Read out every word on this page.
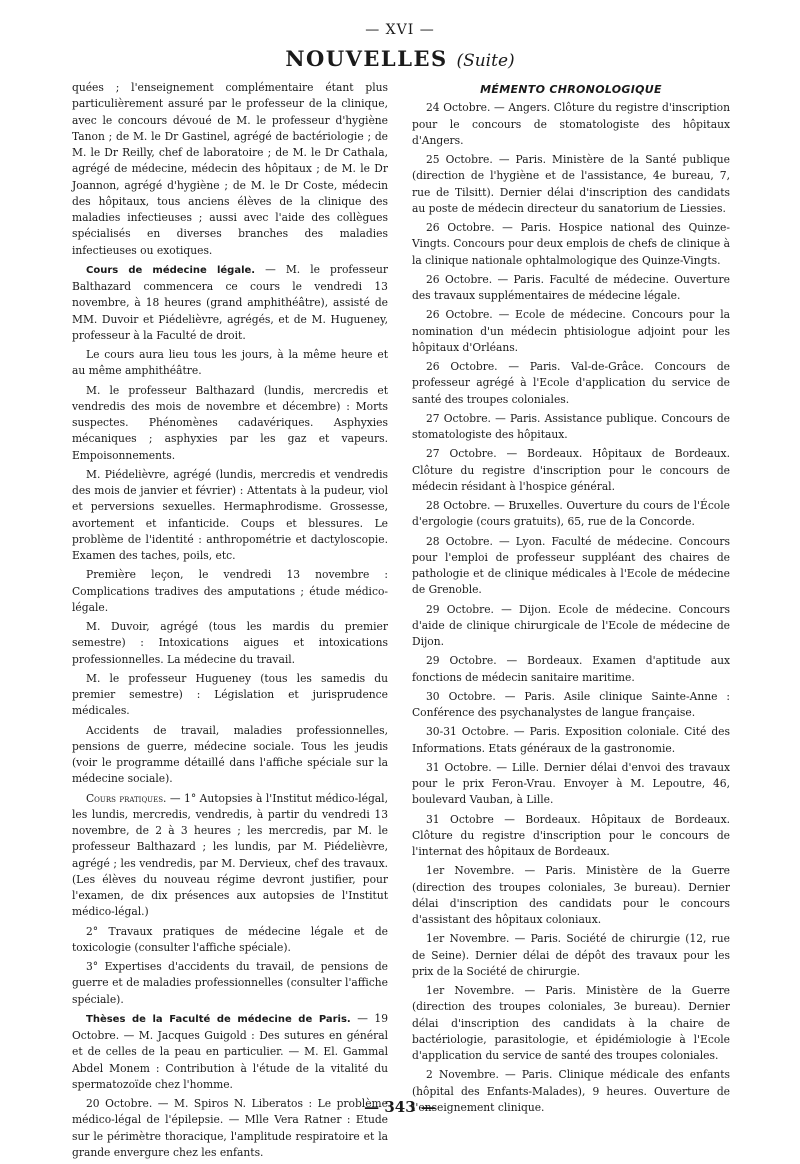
— XVI —
NOUVELLES (Suite)

quées ; l'enseignement complémentaire étant plus particulièrement assuré par le professeur de la clinique, avec le concours dévoué de M. le professeur d'hygiène Tanon ; de M. le Dr Gastinel, agrégé de bactériologie ; de M. le Dr Reilly, chef de laboratoire ; de M. le Dr Cathala, agrégé de médecine, médecin des hôpitaux ; de M. le Dr Joannon, agrégé d'hygiène ; de M. le Dr Coste, médecin des hôpitaux, tous anciens élèves de la clinique des maladies infectieuses ; aussi avec l'aide des collègues spécialisés en diverses branches des maladies infectieuses ou exotiques.

Cours de médecine légale. — M. le professeur Balthazard commencera ce cours le vendredi 13 novembre, à 18 heures (grand amphithéâtre), assisté de MM. Duvoir et Piédelièvre, agrégés, et de M. Hugueney, professeur à la Faculté de droit.

Le cours aura lieu tous les jours, à la même heure et au même amphithéâtre.

M. le professeur Balthazard (lundis, mercredis et vendredis des mois de novembre et décembre) : Morts suspectes. Phénomènes cadavériques. Asphyxies mécaniques ; asphyxies par les gaz et vapeurs. Empoisonnements.

M. Piédelièvre, agrégé (lundis, mercredis et vendredis des mois de janvier et février) : Attentats à la pudeur, viol et perversions sexuelles. Hermaphrodisme. Grossesse, avortement et infanticide. Coups et blessures. Le problème de l'identité : anthropométrie et dactyloscopie. Examen des taches, poils, etc.

Première leçon, le vendredi 13 novembre : Complications tradives des amputations ; étude médico-légale.

M. Duvoir, agrégé (tous les mardis du premier semestre) : Intoxications aigues et intoxications professionnelles. La médecine du travail.

M. le professeur Hugueney (tous les samedis du premier semestre) : Législation et jurisprudence médicales.

Accidents de travail, maladies professionnelles, pensions de guerre, médecine sociale. Tous les jeudis (voir le programme détaillé dans l'affiche spéciale sur la médecine sociale).

Cours pratiques. — 1° Autopsies à l'Institut médico-légal, les lundis, mercredis, vendredis, à partir du vendredi 13 novembre, de 2 à 3 heures ; les mercredis, par M. le professeur Balthazard ; les lundis, par M. Piédelièvre, agrégé ; les vendredis, par M. Dervieux, chef des travaux. (Les élèves du nouveau régime devront justifier, pour l'examen, de dix présences aux autopsies de l'Institut médico-légal.)

2° Travaux pratiques de médecine légale et de toxicologie (consulter l'affiche spéciale).

3° Expertises d'accidents du travail, de pensions de guerre et de maladies professionnelles (consulter l'affiche spéciale).

Thèses de la Faculté de médecine de Paris. — 19 Octobre. — M. Jacques Guigold : Des sutures en général et de celles de la peau en particulier. — M. El. Gammal Abdel Monem : Contribution à l'étude de la vitalité du spermatozoïde chez l'homme.

20 Octobre. — M. Spiros N. Liberatos : Le problème médico-légal de l'épilepsie. — Mlle Vera Ratner : Etude sur le périmètre thoracique, l'amplitude respiratoire et la grande envergure chez les enfants.

MÉMENTO CHRONOLOGIQUE

24 Octobre. — Angers. Clôture du registre d'inscription pour le concours de stomatologiste des hôpitaux d'Angers.

25 Octobre. — Paris. Ministère de la Santé publique (direction de l'hygiène et de l'assistance, 4e bureau, 7, rue de Tilsitt). Dernier délai d'inscription des candidats au poste de médecin directeur du sanatorium de Liessies.

26 Octobre. — Paris. Hospice national des Quinze-Vingts. Concours pour deux emplois de chefs de clinique à la clinique nationale ophtalmologique des Quinze-Vingts.

26 Octobre. — Paris. Faculté de médecine. Ouverture des travaux supplémentaires de médecine légale.

26 Octobre. — Ecole de médecine. Concours pour la nomination d'un médecin phtisiologue adjoint pour les hôpitaux d'Orléans.

26 Octobre. — Paris. Val-de-Grâce. Concours de professeur agrégé à l'Ecole d'application du service de santé des troupes coloniales.

27 Octobre. — Paris. Assistance publique. Concours de stomatologiste des hôpitaux.

27 Octobre. — Bordeaux. Hôpitaux de Bordeaux. Clôture du registre d'inscription pour le concours de médecin résidant à l'hospice général.

28 Octobre. — Bruxelles. Ouverture du cours de l'École d'ergologie (cours gratuits), 65, rue de la Concorde.

28 Octobre. — Lyon. Faculté de médecine. Concours pour l'emploi de professeur suppléant des chaires de pathologie et de clinique médicales à l'Ecole de médecine de Grenoble.

29 Octobre. — Dijon. Ecole de médecine. Concours d'aide de clinique chirurgicale de l'Ecole de médecine de Dijon.

29 Octobre. — Bordeaux. Examen d'aptitude aux fonctions de médecin sanitaire maritime.

30 Octobre. — Paris. Asile clinique Sainte-Anne : Conférence des psychanalystes de langue française.

30-31 Octobre. — Paris. Exposition coloniale. Cité des Informations. Etats généraux de la gastronomie.

31 Octobre. — Lille. Dernier délai d'envoi des travaux pour le prix Feron-Vrau. Envoyer à M. Lepoutre, 46, boulevard Vauban, à Lille.

31 Octobre — Bordeaux. Hôpitaux de Bordeaux. Clôture du registre d'inscription pour le concours de l'internat des hôpitaux de Bordeaux.

1er Novembre. — Paris. Ministère de la Guerre (direction des troupes coloniales, 3e bureau). Dernier délai d'inscription des candidats pour le concours d'assistant des hôpitaux coloniaux.

1er Novembre. — Paris. Société de chirurgie (12, rue de Seine). Dernier délai de dépôt des travaux pour les prix de la Société de chirurgie.

1er Novembre. — Paris. Ministère de la Guerre (direction des troupes coloniales, 3e bureau). Dernier délai d'inscription des candidats à la chaire de bactériologie, parasitologie, et épidémiologie à l'Ecole d'application du service de santé des troupes coloniales.

2 Novembre. — Paris. Clinique médicale des enfants (hôpital des Enfants-Malades), 9 heures. Ouverture de l'enseignement clinique.

— 343 —
